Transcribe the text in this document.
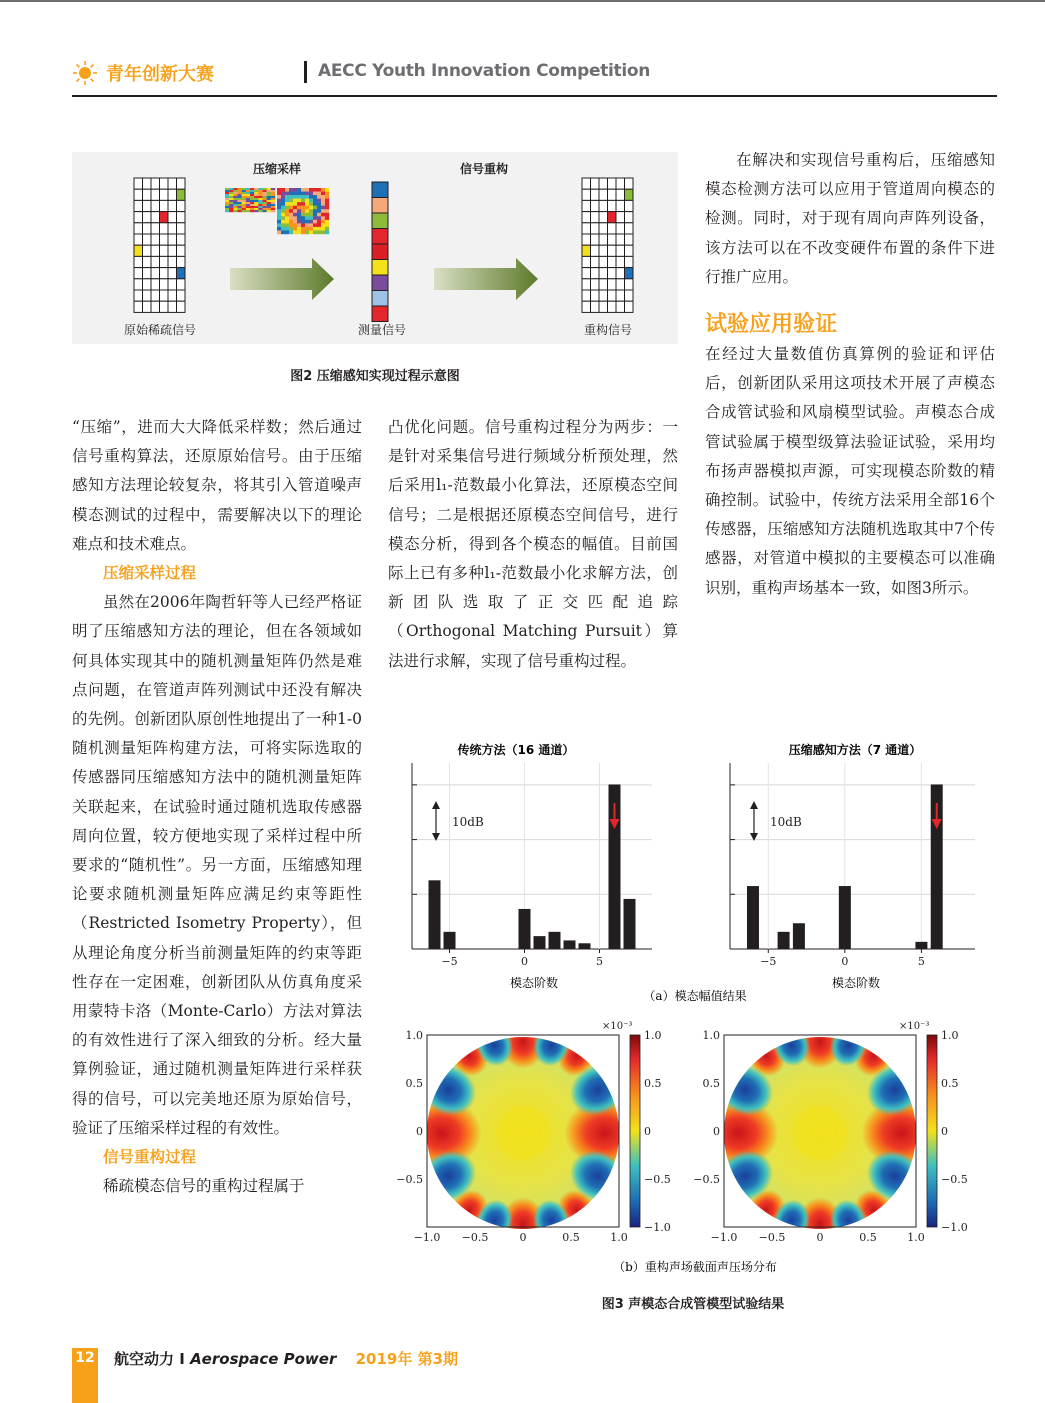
青年创新大赛	AECC Youth Innovation Competition
压缩采样	信号重构
原始稀疏信号	测量信号	重构信号
图2 压缩感知实现过程示意图

“压缩”，进而大大降低采样数；然后通过信号重构算法，还原原始信号。由于压缩感知方法理论较复杂，将其引入管道噪声模态测试的过程中，需要解决以下的理论难点和技术难点。

压缩采样过程

虽然在2006年陶哲轩等人已经严格证明了压缩感知方法的理论，但在各领域如何具体实现其中的随机测量矩阵仍然是难点问题，在管道声阵列测试中还没有解决的先例。创新团队原创性地提出了一种1-0随机测量矩阵构建方法，可将实际选取的传感器同压缩感知方法中的随机测量矩阵关联起来，在试验时通过随机选取传感器周向位置，较方便地实现了采样过程中所要求的“随机性”。另一方面，压缩感知理论要求随机测量矩阵应满足约束等距性（Restricted Isometry Property），但从理论角度分析当前测量矩阵的约束等距性存在一定困难，创新团队从仿真角度采用蒙特卡洛（Monte-Carlo）方法对算法的有效性进行了深入细致的分析。经大量算例验证，通过随机测量矩阵进行采样获得的信号，可以完美地还原为原始信号，验证了压缩采样过程的有效性。

信号重构过程

稀疏模态信号的重构过程属于

凸优化问题。信号重构过程分为两步：一是针对采集信号进行频域分析预处理，然后采用l₁-范数最小化算法，还原模态空间信号；二是根据还原模态空间信号，进行模态分析，得到各个模态的幅值。目前国际上已有多种l₁-范数最小化求解方法，创新团队选取了正交匹配追踪（Orthogonal Matching Pursuit）算法进行求解，实现了信号重构过程。

在解决和实现信号重构后，压缩感知模态检测方法可以应用于管道周向模态的检测。同时，对于现有周向声阵列设备，该方法可以在不改变硬件布置的条件下进行推广应用。

试验应用验证

在经过大量数值仿真算例的验证和评估后，创新团队采用这项技术开展了声模态合成管试验和风扇模型试验。声模态合成管试验属于模型级算法验证试验，采用均布扬声器模拟声源，可实现模态阶数的精确控制。试验中，传统方法采用全部16个传感器，压缩感知方法随机选取其中7个传感器，对管道中模拟的主要模态可以准确识别，重构声场基本一致，如图3所示。

传统方法（16 通道）	压缩感知方法（7 通道）
−5	0	5
10dB
−5	0	5
10dB
模态阶数	模态阶数
（a）模态幅值结果
−1.0 −0.5	0	0.5	1.0
1.0
0.5
0
−0.5
1.0
0.5
0
−0.5
−1.0
×10⁻³
−1.0 −0.5	0	0.5	1.0
1.0
0.5
0
−0.5
1.0
0.5
0
−0.5
−1.0
×10⁻³
（b）重构声场截面声压场分布
图3 声模态合成管模型试验结果
12 航空动力 I Aerospace Power 2019年 第3期
